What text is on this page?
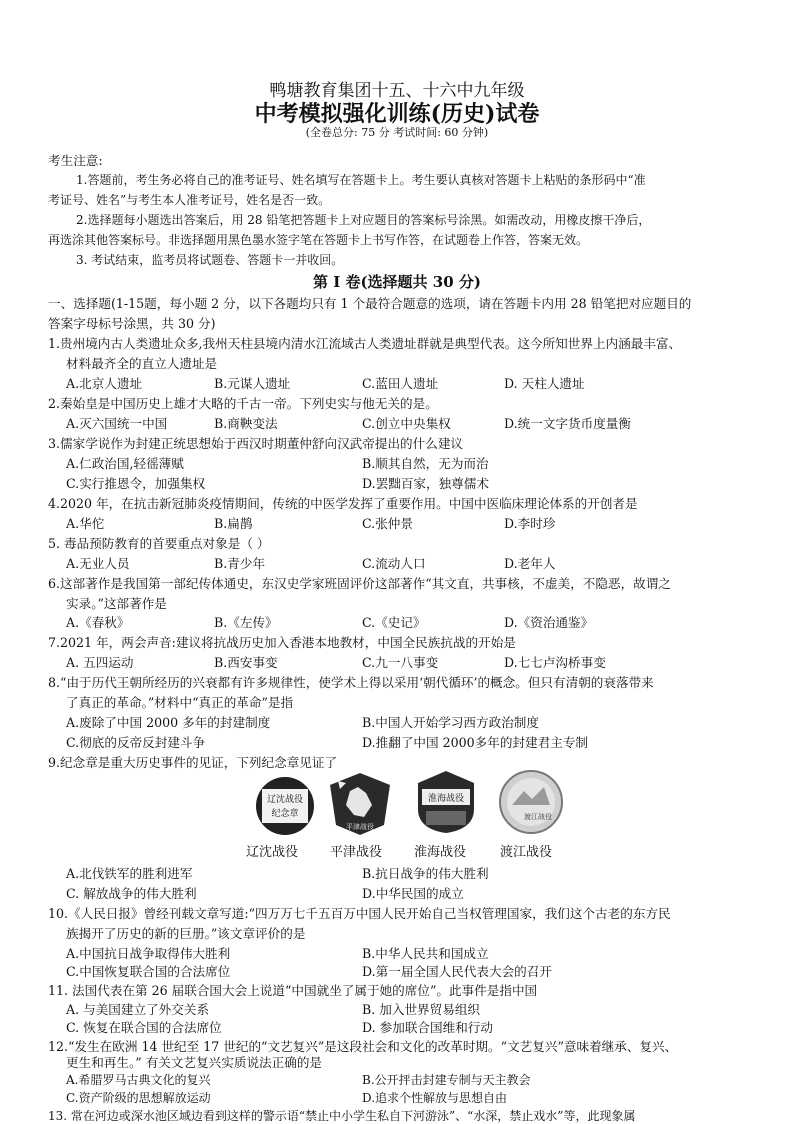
鸭塘教育集团十五、十六中九年级
中考模拟强化训练(历史)试卷
(全卷总分: 75 分 考试时间: 60 分钟)
考生注意:
1.答题前，考生务必将自己的准考证号、姓名填写在答题卡上。考生要认真核对答题卡上粘贴的条形码中“准
考证号、姓名”与考生本人准考证号，姓名是否一致。
2.选择题每小题选出答案后，用 28 铅笔把答题卡上对应题目的答案标号涂黑。如需改动，用橡皮擦干净后，
再选涂其他答案标号。非选择题用黑色墨水签字笔在答题卡上书写作答，在试题卷上作答，答案无效。
3. 考试结束，监考员将试题卷、答题卡一并收回。
第 Ⅰ 卷(选择题共 30 分)
一、选择题(1-15题，每小题 2 分，以下各题均只有 1 个最符合题意的选项，请在答题卡内用 28 铅笔把对应题目的
答案字母标号涂黑，共 30 分)
1.贵州境内古人类遗址众多,我州天柱县境内清水江流域古人类遗址群就是典型代表。这今所知世界上内涵最丰富、
材料最齐全的直立人遗址是
A.北京人遗址	B.元谋人遗址	C.蓝田人遗址	D. 天柱人遗址
2.秦始皇是中国历史上雄才大略的千古一帝。下列史实与他无关的是。
A.灭六国统一中国	B.商鞅变法	C.创立中央集权	D.统一文字货币度量衡
3.儒家学说作为封建正统思想始于西汉时期董仲舒向汉武帝提出的什么建议
A.仁政治国,轻徭薄赋	B.顺其自然，无为而治
C.实行推恩令，加强集权	D.罢黜百家，独尊儒术
4.2020 年，在抗击新冠肺炎疫情期间，传统的中医学发挥了重要作用。中国中医临床理论体系的开创者是
A.华佗	B.扁鹊	C.张仲景	D.李时珍
5. 毒品预防教育的首要重点对象是（ ）
A.无业人员	B.青少年	C.流动人口	D.老年人
6.这部著作是我国第一部纪传体通史，东汉史学家班固评价这部著作“其文直，共事核，不虚美，不隐恶，故谓之
实录。”这部著作是
A.《春秋》	B.《左传》	C.《史记》	D.《资治通鉴》
7.2021 年，两会声音:建议将抗战历史加入香港本地教材，中国全民族抗战的开始是
A. 五四运动	B.西安事变	C.九一八事变	D.七七卢沟桥事变
8.“由于历代王朝所经历的兴衰都有许多规律性，使学术上得以采用‘朝代循环’的概念。但只有清朝的衰落带来
了真正的革命。”材料中“真正的革命”是指
A.废除了中国 2000 多年的封建制度	B.中国人开始学习西方政治制度
C.彻底的反帝反封建斗争	D.推翻了中国 2000多年的封建君主专制
9.纪念章是重大历史事件的见证，下列纪念章见证了
辽沈战役
纪念章
平津战役
淮海战役
渡江战役
辽沈战役 平津战役 淮海战役	渡江战役
A.北伐铁军的胜利进军	B.抗日战争的伟大胜利
C. 解放战争的伟大胜利	D.中华民国的成立
10.《人民日报》曾经刊载文章写道:“四万万七千五百万中国人民开始自己当权管理国家，我们这个古老的东方民
族揭开了历史的新的巨册。”该文章评价的是
A.中国抗日战争取得伟大胜利	B.中华人民共和国成立
C.中国恢复联合国的合法席位	D.第一届全国人民代表大会的召开
11. 法国代表在第 26 届联合国大会上说道“中国就坐了属于她的席位”。此事件是指中国
A. 与美国建立了外交关系	B. 加入世界贸易组织
C. 恢复在联合国的合法席位	D. 参加联合国维和行动
12.“发生在欧洲 14 世纪至 17 世纪的“文艺复兴”是这段社会和文化的改革时期。“文艺复兴”意味着继承、复兴、
更生和再生。” 有关文艺复兴实质说法正确的是
A.希腊罗马古典文化的复兴	B.公开抨击封建专制与天主教会
C.资产阶级的思想解放运动	D.追求个性解放与思想自由
13. 常在河边或深水池区域边看到这样的警示语“禁止中小学生私自下河游泳”、“水深，禁止戏水”等，此现象属
